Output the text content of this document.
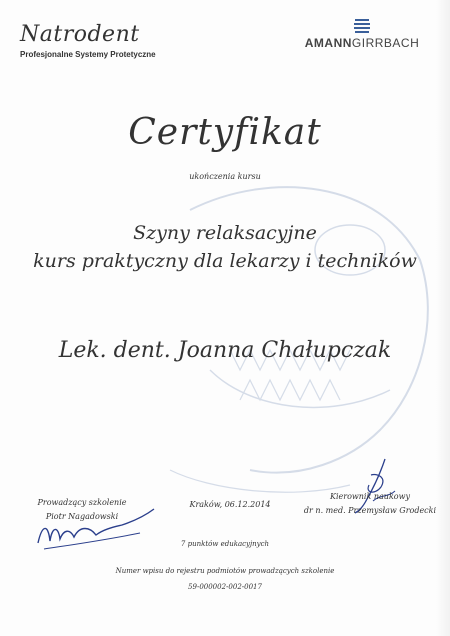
Natrodent
Profesjonalne Systemy Protetyczne
AMANNGIRRBACH
Certyfikat
ukończenia kursu
Szyny relaksacyjne
kurs praktyczny dla lekarzy i techników
Lek. dent. Joanna Chałupczak
Prowadzący szkolenie
Piotr Nagadowski
Kraków, 06.12.2014
Kierownik naukowy
dr n. med. Przemysław Grodecki
7 punktów edukacyjnych
Numer wpisu do rejestru podmiotów prowadzących szkolenie
59-000002-002-0017
